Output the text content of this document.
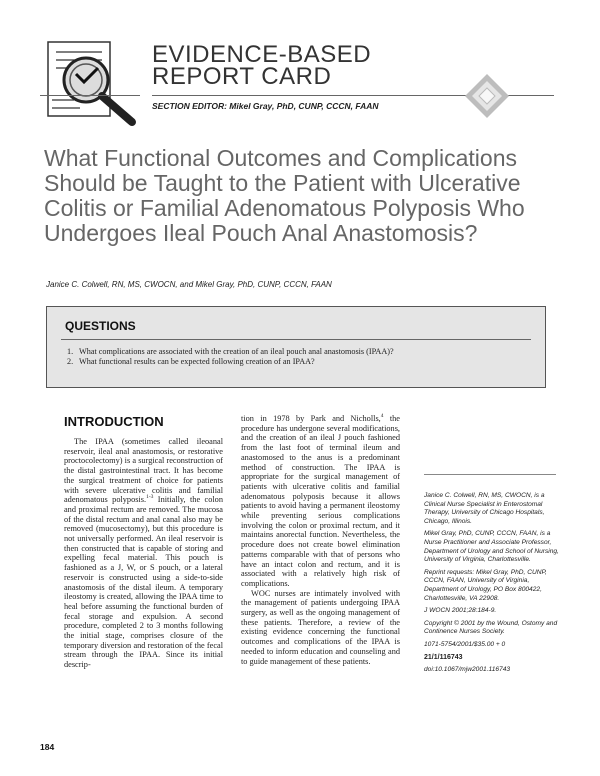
EVIDENCE-BASED
REPORT CARD
SECTION EDITOR: Mikel Gray, PhD, CUNP, CCCN, FAAN
What Functional Outcomes and Complications Should be Taught to the Patient with Ulcerative Colitis or Familial Adenomatous Polyposis Who Undergoes Ileal Pouch Anal Anastomosis?
Janice C. Colwell, RN, MS, CWOCN, and Mikel Gray, PhD, CUNP, CCCN, FAAN
QUESTIONS
1. What complications are associated with the creation of an ileal pouch anal anastomosis (IPAA)?
2. What functional results can be expected following creation of an IPAA?
INTRODUCTION

The IPAA (sometimes called ileoanal reservoir, ileal anal anastomosis, or restorative proctocolectomy) is a surgical reconstruction of the distal gastrointestinal tract. It has become the surgical treatment of choice for patients with severe ulcerative colitis and familial adenomatous polyposis.$^{1-3}$ Initially, the colon and proximal rectum are removed. The mucosa of the distal rectum and anal canal also may be removed (mucosectomy), but this procedure is not universally performed. An ileal reservoir is then constructed that is capable of storing and expelling fecal material. This pouch is fashioned as a J, W, or S pouch, or a lateral reservoir is constructed using a side-to-side anastomosis of the distal ileum. A temporary ileostomy is created, allowing the IPAA time to heal before assuming the functional burden of fecal storage and expulsion. A second procedure, completed 2 to 3 months following the initial stage, comprises closure of the temporary diversion and restoration of the fecal stream through the IPAA. Since its initial descrip-

tion in 1978 by Park and Nicholls,$^4$ the procedure has undergone several modifications, and the creation of an ileal J pouch fashioned from the last foot of terminal ileum and anastomosed to the anus is a predominant method of construction. The IPAA is appropriate for the surgical management of patients with ulcerative colitis and familial adenomatous polyposis because it allows patients to avoid having a permanent ileostomy while preventing serious complications involving the colon or proximal rectum, and it maintains anorectal function. Nevertheless, the procedure does not create bowel elimination patterns comparable with that of persons who have an intact colon and rectum, and it is associated with a relatively high risk of complications.

WOC nurses are intimately involved with the management of patients undergoing IPAA surgery, as well as the ongoing management of these patients. Therefore, a review of the existing evidence concerning the functional outcomes and complications of the IPAA is needed to inform education and counseling and to guide management of these patients.

Janice C. Colwell, RN, MS, CWOCN, is a Clinical Nurse Specialist in Enterostomal Therapy, University of Chicago Hospitals, Chicago, Illinois.

Mikel Gray, PhD, CUNP, CCCN, FAAN, is a Nurse Practitioner and Associate Professor, Department of Urology and School of Nursing, University of Virginia, Charlottesville.

Reprint requests: Mikel Gray, PhD, CUNP, CCCN, FAAN, University of Virginia, Department of Urology, PO Box 800422, Charlottesville, VA 22908.

J WOCN 2001;28:184-9.

Copyright © 2001 by the Wound, Ostomy and Continence Nurses Society.

1071-5754/2001/$35.00 + 0

21/1/116743

doi:10.1067/mjw2001.116743

184
